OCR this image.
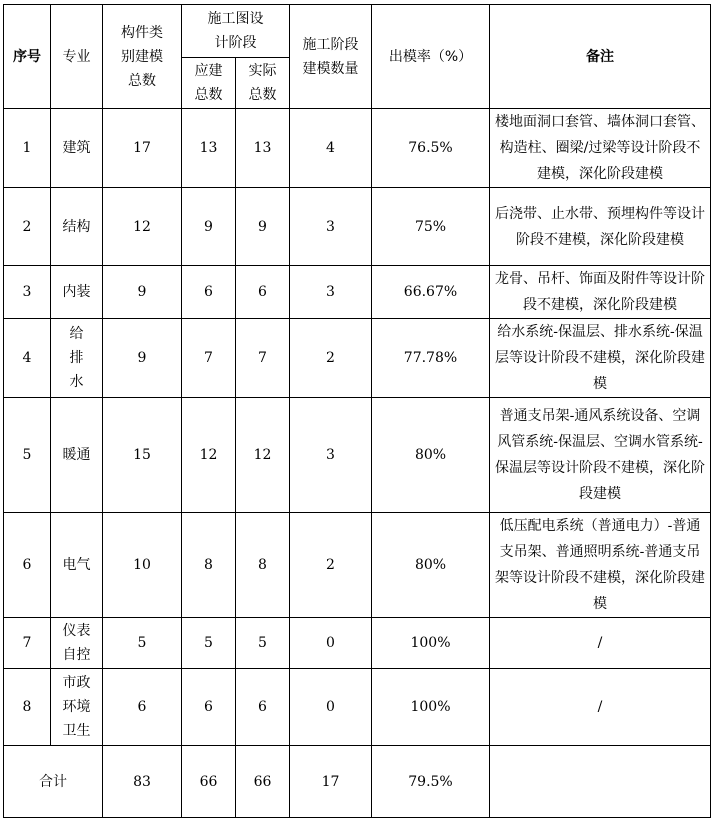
序号	专业	构件类别建模总数	施工图设计阶段		施工阶段建模数量	出模率（%）	备注
			应建总数	实际总数			
1	建筑	17	13	13	4	76.5%	楼地面洞口套管、墙体洞口套管、构造柱、圈梁/过梁等设计阶段不建模，深化阶段建模
2	结构	12	9	9	3	75%	后浇带、止水带、预埋构件等设计阶段不建模，深化阶段建模
3	内装	9	6	6	3	66.67%	龙骨、吊杆、饰面及附件等设计阶段不建模，深化阶段建模
4	给排水	9	7	7	2	77.78%	给水系统-保温层、排水系统-保温层等设计阶段不建模，深化阶段建模
5	暖通	15	12	12	3	80%	普通支吊架-通风系统设备、空调风管系统-保温层、空调水管系统-保温层等设计阶段不建模，深化阶段建模
6	电气	10	8	8	2	80%	低压配电系统（普通电力）-普通支吊架、普通照明系统-普通支吊架等设计阶段不建模，深化阶段建模
7	仪表自控	5	5	5	0	100%	/
8	市政环境卫生	6	6	6	0	100%	/
合计		83	66	66	17	79.5%	
